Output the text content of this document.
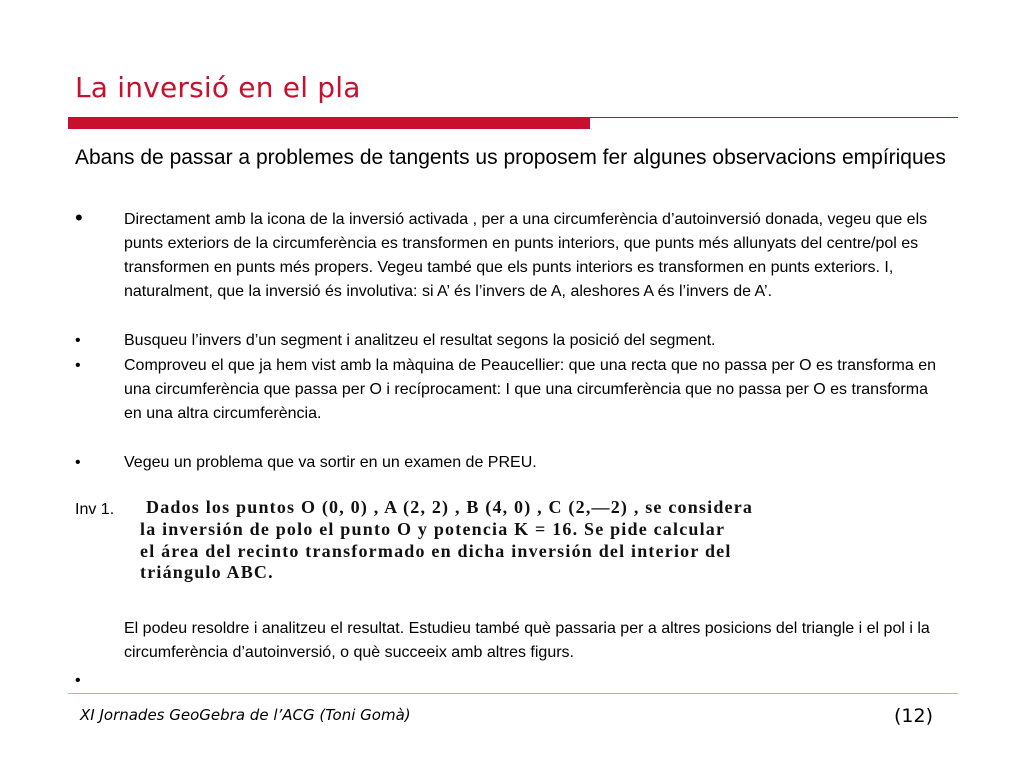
La inversió en el pla
Abans de passar a problemes de tangents us proposem fer algunes observacions empíriques
•	Directament amb la icona de la inversió activada , per a una circumferència d’autoinversió donada, vegeu que els punts exteriors de la circumferència es transformen en punts interiors, que punts més allunyats del centre/pol es transformen en punts més propers. Vegeu també que els punts interiors es transformen en punts exteriors. I, naturalment, que la inversió és involutiva: si A’ és l’invers de A, aleshores A és l’invers de A’.
•	Busqueu l’invers d’un segment i analitzeu el resultat segons la posició del segment.
•	Comproveu el que ja hem vist amb la màquina de Peaucellier: que una recta que no passa per O es transforma en una circumferència que passa per O i recíprocament: I que una circumferència que no passa per O es transforma en una altra circumferència.
•	Vegeu un problema que va sortir en un examen de PREU.
Inv 1. Dados los puntos O (0, 0) , A (2, 2) , B (4, 0) , C (2,—2) , se considera
la inversión de polo el punto O y potencia K = 16. Se pide calcular
el área del recinto transformado en dicha inversión del interior del
triángulo ABC.
El podeu resoldre i analitzeu el resultat. Estudieu també què passaria per a altres posicions del triangle i el pol i la circumferència d’autoinversió, o què succeeix amb altres figurs.
•
XI Jornades GeoGebra de l’ACG (Toni Gomà)	(12)
